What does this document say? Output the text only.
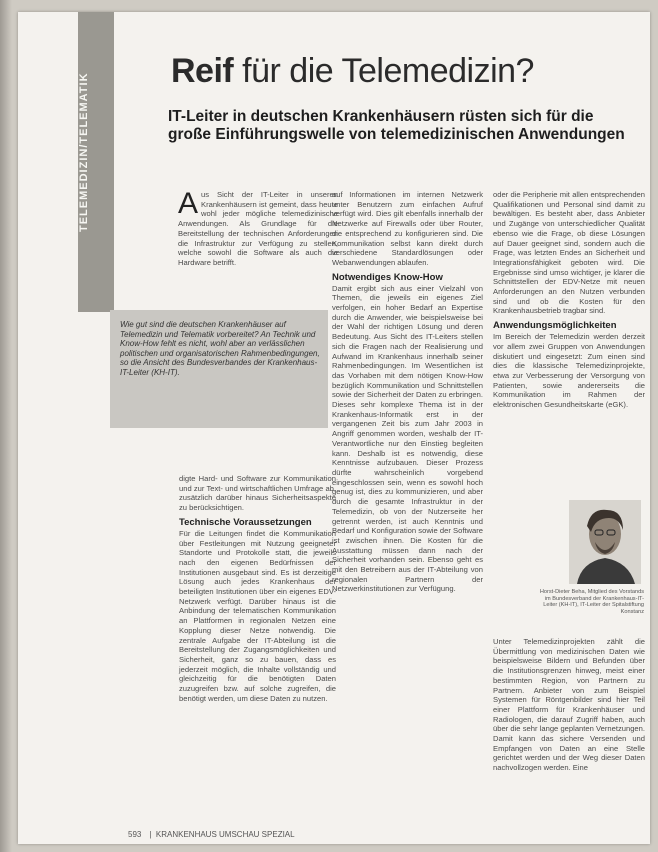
TELEMEDIZIN/TELEMATIK
Reif für die Telemedizin?
IT-Leiter in deutschen Krankenhäusern rüsten sich für die große Einführungswelle von telemedizinischen Anwendungen

Aus Sicht der IT-Leiter in unseren Krankenhäusern ist gemeint, dass heute wohl jeder mögliche telemedizinische Anwendungen. Als Grundlage für die Bereitstellung der technischen Anforderungen die Infrastruktur zur Verfügung zu stellen, welche sowohl die Software als auch die Hardware betrifft.

Wie gut sind die deutschen Krankenhäuser auf Telemedizin und Telematik vorbereitet? An Technik und Know-How fehlt es nicht, wohl aber an verlässlichen politischen und organisatorischen Rahmenbedingungen, so die Ansicht des Bundesverbandes der Krankenhaus-IT-Leiter (KH-IT).

digte Hard- und Software zur Kommunikation und zur Text- und wirtschaftlichen Umfrage ab, zusätzlich darüber hinaus Sicherheitsaspekte zu berücksichtigen.

Technische Voraussetzungen

Für die Leitungen findet die Kommunikation über Festleitungen mit Nutzung geeigneter Standorte und Protokolle statt, die jeweils nach den eigenen Bedürfnissen der Institutionen ausgebaut sind. Es ist derzeitige Lösung auch jedes Krankenhaus der beteiligten Institutionen über ein eigenes EDV-Netzwerk verfügt. Darüber hinaus ist die Anbindung der telematischen Kommunikation an Plattformen in regionalen Netzen eine Kopplung dieser Netze notwendig. Die zentrale Aufgabe der IT-Abteilung ist die Bereitstellung der Zugangsmöglichkeiten und Sicherheit, ganz so zu bauen, dass es jederzeit möglich, die Inhalte vollständig und gleichzeitig für die benötigten Daten zuzugreifen bzw. auf solche zugreifen, die benötigt werden, um diese Daten zu nutzen.

auf Informationen im internen Netzwerk unter Benutzern zum einfachen Aufruf verfügt wird. Dies gilt ebenfalls innerhalb der Netzwerke auf Firewalls oder über Router, die entsprechend zu konfigurieren sind. Die Kommunikation selbst kann direkt durch verschiedene Standardlösungen oder Webanwendungen ablaufen.

Notwendiges Know-How

Damit ergibt sich aus einer Vielzahl von Themen, die jeweils ein eigenes Ziel verfolgen, ein hoher Bedarf an Expertise durch die Anwender, wie beispielsweise bei der Wahl der richtigen Lösung und deren Bedeutung. Aus Sicht des IT-Leiters stellen sich die Fragen nach der Realisierung und Aufwand im Krankenhaus innerhalb seiner Rahmenbedingungen. Im Wesentlichen ist das Vorhaben mit dem nötigen Know-How bezüglich Kommunikation und Schnittstellen sowie der Sicherheit der Daten zu erbringen. Dieses sehr komplexe Thema ist in der Krankenhaus-Informatik erst in der vergangenen Zeit bis zum Jahr 2003 in Angriff genommen worden, weshalb der IT-Verantwortliche nur den Einstieg begleiten kann. Deshalb ist es notwendig, diese Kenntnisse aufzubauen. Dieser Prozess dürfte wahrscheinlich vorgebend eingeschlossen sein, wenn es sowohl hoch genug ist, dies zu kommunizieren, und aber durch die gesamte Infrastruktur in der Telemedizin, ob von der Nutzerseite her getrennt werden, ist auch Kenntnis und Bedarf und Konfiguration sowie der Software ist zwischen ihnen. Die Kosten für die Ausstattung müssen dann nach der Sicherheit vorhanden sein. Ebenso geht es mit den Betreibern aus der IT-Abteilung von regionalen Partnern der Netzwerkinstitutionen zur Verfügung.

oder die Peripherie mit allen entsprechenden Qualifikationen und Personal sind damit zu bewältigen. Es besteht aber, dass Anbieter und Zugänge von unterschiedlicher Qualität ebenso wie die Frage, ob diese Lösungen auf Dauer geeignet sind, sondern auch die Frage, was letzten Endes an Sicherheit und Integrationsfähigkeit geboten wird. Die Ergebnisse sind umso wichtiger, je klarer die Schnittstellen der EDV-Netze mit neuen Anforderungen an den Nutzen verbunden sind und ob die Kosten für den Krankenhausbetrieb tragbar sind.

Anwendungsmöglichkeiten

Im Bereich der Telemedizin werden derzeit vor allem zwei Gruppen von Anwendungen diskutiert und eingesetzt: Zum einen sind dies die klassische Telemedizinprojekte, etwa zur Verbesserung der Versorgung von Patienten, sowie andererseits die Kommunikation im Rahmen der elektronischen Gesundheitskarte (eGK).

Horst-Dieter Beha, Mitglied des Vorstands im Bundesverband der Krankenhaus-IT-Leiter (KH-IT), IT-Leiter der Spitalstiftung Konstanz

Unter Telemedizinprojekten zählt die Übermittlung von medizinischen Daten wie beispielsweise Bildern und Befunden über die Institutionsgrenzen hinweg, meist einer bestimmten Region, von Partnern zu Partnern. Anbieter von zum Beispiel Systemen für Röntgenbilder sind hier Teil einer Plattform für Krankenhäuser und Radiologen, die darauf Zugriff haben, auch über die sehr lange geplanten Vernetzungen. Damit kann das sichere Versenden und Empfangen von Daten an eine Stelle gerichtet werden und der Weg dieser Daten nachvollzogen werden. Eine

593 |  KRANKENHAUS UMSCHAU SPEZIAL
